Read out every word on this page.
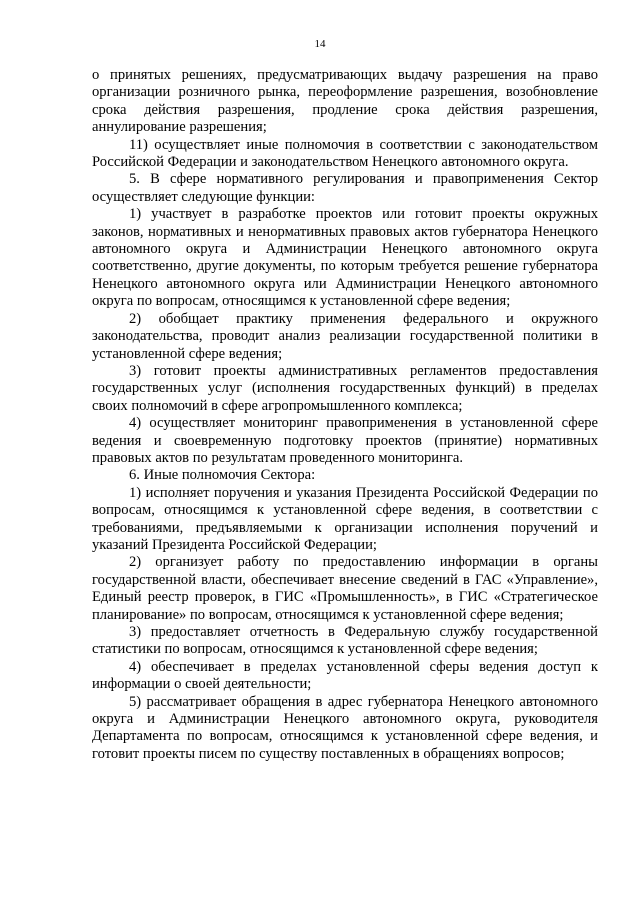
14

о принятых решениях, предусматривающих выдачу разрешения на право организации розничного рынка, переоформление разрешения, возобновление срока действия разрешения, продление срока действия разрешения, аннулирование разрешения;

11) осуществляет иные полномочия в соответствии с законодательством Российской Федерации и законодательством Ненецкого автономного округа.

5. В сфере нормативного регулирования и правоприменения Сектор осуществляет следующие функции:

1) участвует в разработке проектов или готовит проекты окружных законов, нормативных и ненормативных правовых актов губернатора Ненецкого автономного округа и Администрации Ненецкого автономного округа соответственно, другие документы, по которым требуется решение губернатора Ненецкого автономного округа или Администрации Ненецкого автономного округа по вопросам, относящимся к установленной сфере ведения;

2) обобщает практику применения федерального и окружного законодательства, проводит анализ реализации государственной политики в установленной сфере ведения;

3) готовит проекты административных регламентов предоставления государственных услуг (исполнения государственных функций) в пределах своих полномочий в сфере агропромышленного комплекса;

4) осуществляет мониторинг правоприменения в установленной сфере ведения и своевременную подготовку проектов (принятие) нормативных правовых актов по результатам проведенного мониторинга.

6. Иные полномочия Сектора:

1) исполняет поручения и указания Президента Российской Федерации по вопросам, относящимся к установленной сфере ведения, в соответствии с требованиями, предъявляемыми к организации исполнения поручений и указаний Президента Российской Федерации;

2) организует работу по предоставлению информации в органы государственной власти, обеспечивает внесение сведений в ГАС «Управление», Единый реестр проверок, в ГИС «Промышленность», в ГИС «Стратегическое планирование» по вопросам, относящимся к установленной сфере ведения;

3) предоставляет отчетность в Федеральную службу государственной статистики по вопросам, относящимся к установленной сфере ведения;

4) обеспечивает в пределах установленной сферы ведения доступ к информации о своей деятельности;

5) рассматривает обращения в адрес губернатора Ненецкого автономного округа и Администрации Ненецкого автономного округа, руководителя Департамента по вопросам, относящимся к установленной сфере ведения, и готовит проекты писем по существу поставленных в обращениях вопросов;
